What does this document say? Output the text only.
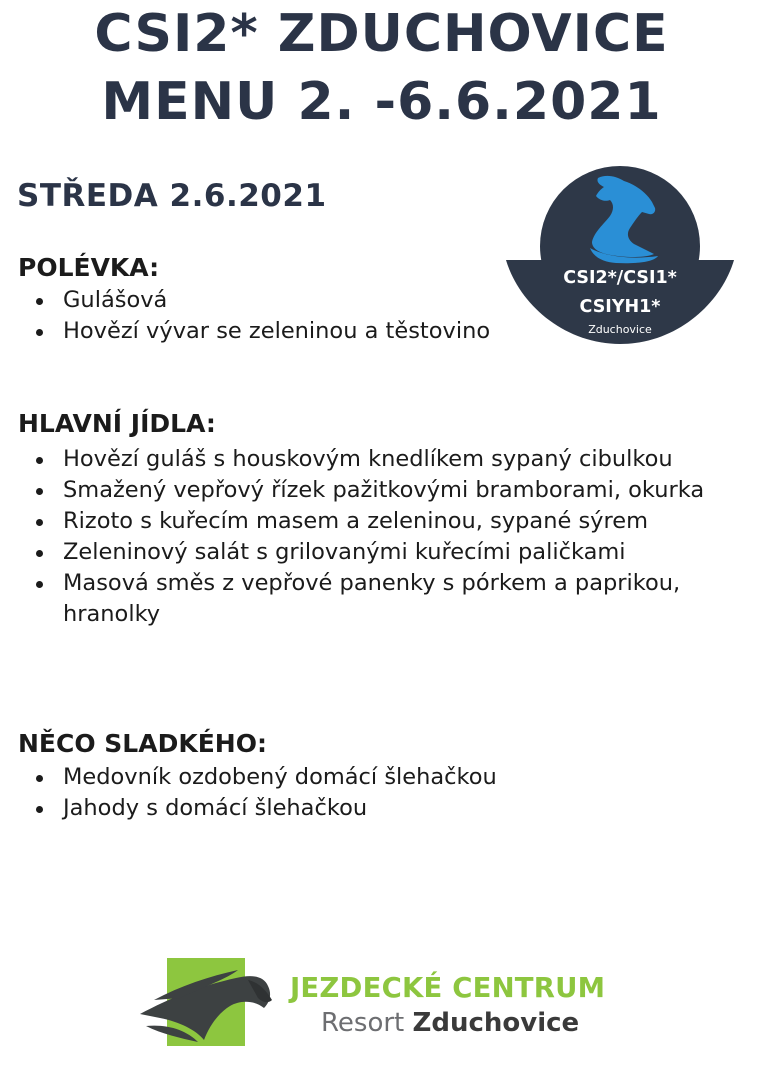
CSI2* ZDUCHOVICE
MENU 2. -6.6.2021
STŘEDA 2.6.2021
CSI2*/CSI1*
CSIYH1*
Zduchovice
POLÉVKA:
Gulášová
Hovězí vývar se zeleninou a těstovino
HLAVNÍ JÍDLA:
Hovězí guláš s houskovým knedlíkem sypaný cibulkou
Smažený vepřový řízek pažitkovými bramborami, okurka
Rizoto s kuřecím masem a zeleninou, sypané sýrem
Zeleninový salát s grilovanými kuřecími paličkami
Masová směs z vepřové panenky s pórkem a paprikou, hranolky
NĚCO SLADKÉHO:
Medovník ozdobený domácí šlehačkou
Jahody s domácí šlehačkou
JEZDECKÉ CENTRUM
Resort Zduchovice
